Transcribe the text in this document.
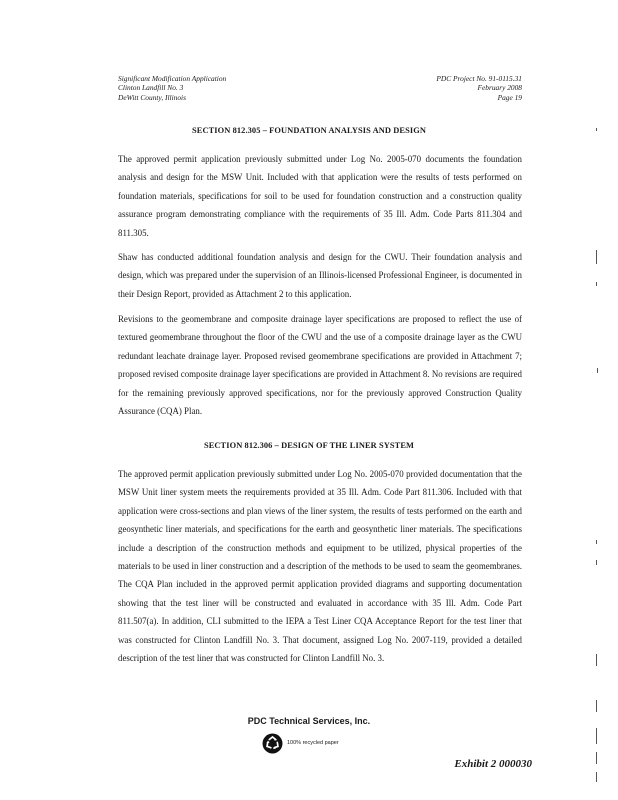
Significant Modification Application
Clinton Landfill No. 3
DeWitt County, Illinois
PDC Project No. 91-0115.31
February 2008
Page 19
SECTION 812.305 – FOUNDATION ANALYSIS AND DESIGN
The approved permit application previously submitted under Log No. 2005-070 documents the foundation analysis and design for the MSW Unit. Included with that application were the results of tests performed on foundation materials, specifications for soil to be used for foundation construction and a construction quality assurance program demonstrating compliance with the requirements of 35 Ill. Adm. Code Parts 811.304 and 811.305.
Shaw has conducted additional foundation analysis and design for the CWU. Their foundation analysis and design, which was prepared under the supervision of an Illinois-licensed Professional Engineer, is documented in their Design Report, provided as Attachment 2 to this application.
Revisions to the geomembrane and composite drainage layer specifications are proposed to reflect the use of textured geomembrane throughout the floor of the CWU and the use of a composite drainage layer as the CWU redundant leachate drainage layer. Proposed revised geomembrane specifications are provided in Attachment 7; proposed revised composite drainage layer specifications are provided in Attachment 8. No revisions are required for the remaining previously approved specifications, nor for the previously approved Construction Quality Assurance (CQA) Plan.
SECTION 812.306 – DESIGN OF THE LINER SYSTEM
The approved permit application previously submitted under Log No. 2005-070 provided documentation that the MSW Unit liner system meets the requirements provided at 35 Ill. Adm. Code Part 811.306. Included with that application were cross-sections and plan views of the liner system, the results of tests performed on the earth and geosynthetic liner materials, and specifications for the earth and geosynthetic liner materials. The specifications include a description of the construction methods and equipment to be utilized, physical properties of the materials to be used in liner construction and a description of the methods to be used to seam the geomembranes. The CQA Plan included in the approved permit application provided diagrams and supporting documentation showing that the test liner will be constructed and evaluated in accordance with 35 Ill. Adm. Code Part 811.507(a). In addition, CLI submitted to the IEPA a Test Liner CQA Acceptance Report for the test liner that was constructed for Clinton Landfill No. 3. That document, assigned Log No. 2007-119, provided a detailed description of the test liner that was constructed for Clinton Landfill No. 3.
PDC Technical Services, Inc.
100% recycled paper
Exhibit 2 000030
